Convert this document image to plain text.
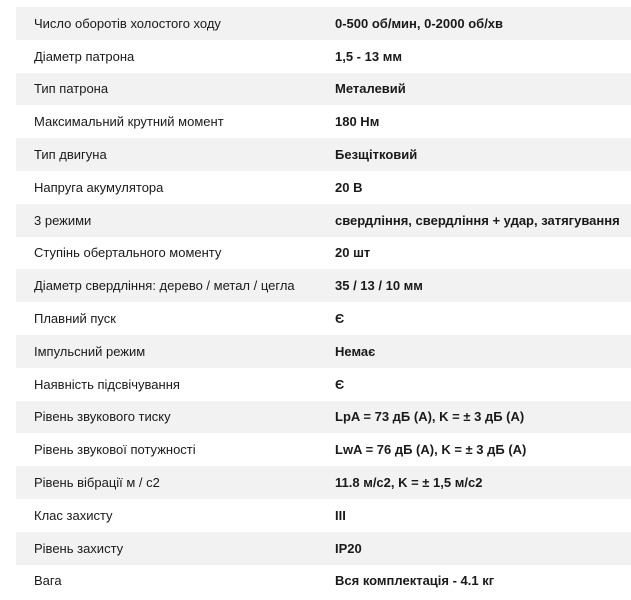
Число оборотів холостого ходу	0-500 об/мин, 0-2000 об/хв
Діаметр патрона	1,5 - 13 мм
Тип патрона	Металевий
Максимальний крутний момент	180 Нм
Тип двигуна	Безщітковий
Напруга акумулятора	20 В
3 режими	свердління, свердління + удар, затягування
Ступінь обертального моменту	20 шт
Діаметр свердління: дерево / метал / цегла	35 / 13 / 10 мм
Плавний пуск	Є
Імпульсний режим	Немає
Наявність підсвічування	Є
Рівень звукового тиску	LpA = 73 дБ (A), K = ± 3 дБ (A)
Рівень звукової потужності	LwA = 76 дБ (A), K = ± 3 дБ (A)
Рівень вібрації м / с2	11.8 м/с2, K = ± 1,5 м/с2
Клас захисту	III
Рівень захисту	IP20
Вага	Вся комплектація - 4.1 кг
